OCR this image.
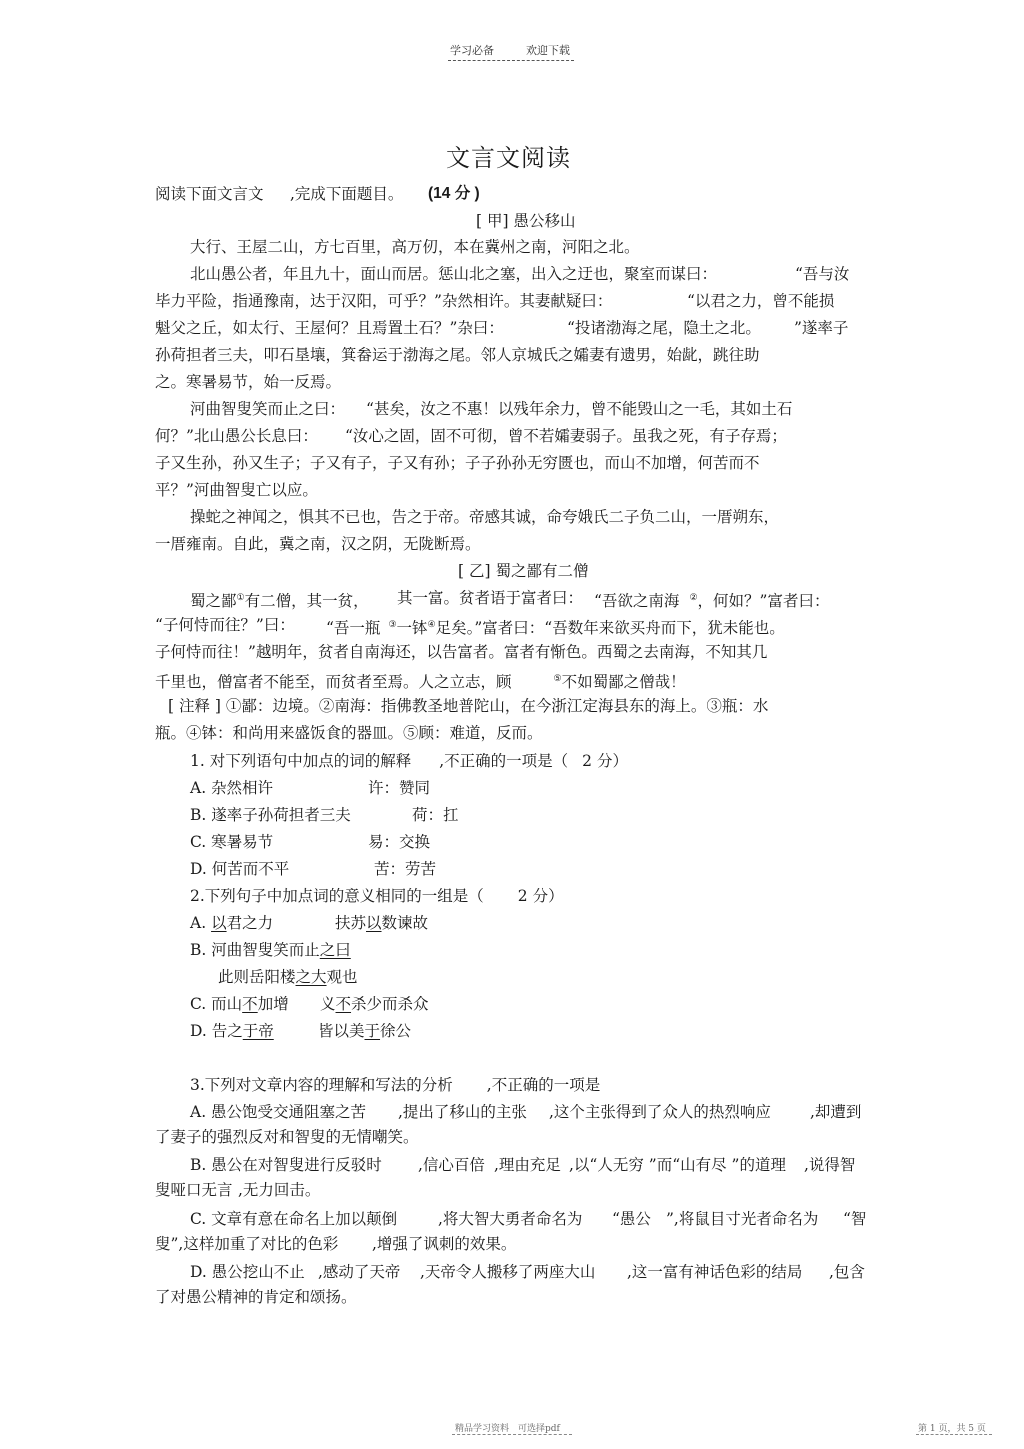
学习必备	欢迎下载
文言文阅读
阅读下面文言文 ,完成下面题目。 (14 分 )
[ 甲] 愚公移山
大行、王屋二山，方七百里，高万仞，本在冀州之南，河阳之北。
北山愚公者，年且九十，面山而居。惩山北之塞，出入之迂也，聚室而谋曰：	“吾与汝
毕力平险，指通豫南，达于汉阳，可乎？”杂然相许。其妻献疑曰：	“以君之力，曾不能损
魁父之丘，如太行、王屋何？且焉置土石？”杂曰：	“投诸渤海之尾，隐土之北。 ”遂率子
孙荷担者三夫，叩石垦壤，箕畚运于渤海之尾。邻人京城氏之孀妻有遗男，始龀，跳往助
之。寒暑易节，始一反焉。
河曲智叟笑而止之曰： “甚矣，汝之不惠！以残年余力，曾不能毁山之一毛，其如土石
何？”北山愚公长息曰： “汝心之固，固不可彻，曾不若孀妻弱子。虽我之死，有子存焉；
子又生孙，孙又生子；子又有子，子又有孙；子子孙孙无穷匮也，而山不加增，何苦而不
平？”河曲智叟亡以应。
操蛇之神闻之，惧其不已也，告之于帝。帝感其诚，命夸娥氏二子负二山，一厝朔东，
一厝雍南。自此，冀之南，汉之阴，无陇断焉。
[ 乙] 蜀之鄙有二僧
蜀之鄙①有二僧，其一贫， 其一富。贫者语于富者曰： “吾欲之南海 ②，何如？”富者曰：
“子何恃而往？”曰： “吾一瓶 ③一钵④足矣。”富者曰：“吾数年来欲买舟而下，犹未能也。
子何恃而往！”越明年，贫者自南海还，以告富者。富者有惭色。西蜀之去南海，不知其几
千里也，僧富者不能至，而贫者至焉。人之立志，顾	⑤不如蜀鄙之僧哉！
[ 注释 ] ①鄙：边境。②南海：指佛教圣地普陀山，在今浙江定海县东的海上。③瓶：水
瓶。④钵：和尚用来盛饭食的器皿。⑤顾：难道，反而。
1. 对下列语句中加点的词的解释 ,不正确的一项是（ 2 分）
A. 杂然相许	许：赞同
B. 遂率子孙荷担者三夫	荷：扛
C. 寒暑易节	易：交换
D. 何苦而不平	苦：劳苦
2.下列句子中加点词的意义相同的一组是（ 2 分）
A. 以君之力	扶苏以数谏故
B. 河曲智叟笑而止之曰
此则岳阳楼之大观也
C. 而山不加增 义不杀少而杀众
D. 告之于帝	皆以美于徐公
3.下列对文章内容的理解和写法的分析 ,不正确的一项是
A. 愚公饱受交通阻塞之苦 ,提出了移山的主张 ,这个主张得到了众人的热烈响应	,却遭到
了妻子的强烈反对和智叟的无情嘲笑。
B. 愚公在对智叟进行反驳时 ,信心百倍 ,理由充足 ,以“人无穷 ”而“山有尽 ”的道理 ,说得智
叟哑口无言 ,无力回击。
C. 文章有意在命名上加以颠倒	,将大智大勇者命名为 “愚公 ”,将鼠目寸光者命名为 “智
叟”,这样加重了对比的色彩 ,增强了讽刺的效果。
D. 愚公挖山不止 ,感动了天帝 ,天帝令人搬移了两座大山 ,这一富有神话色彩的结局 ,包含
了对愚公精神的肯定和颂扬。
精品学习资料 可选择pdf	第 1 页，共 5 页
